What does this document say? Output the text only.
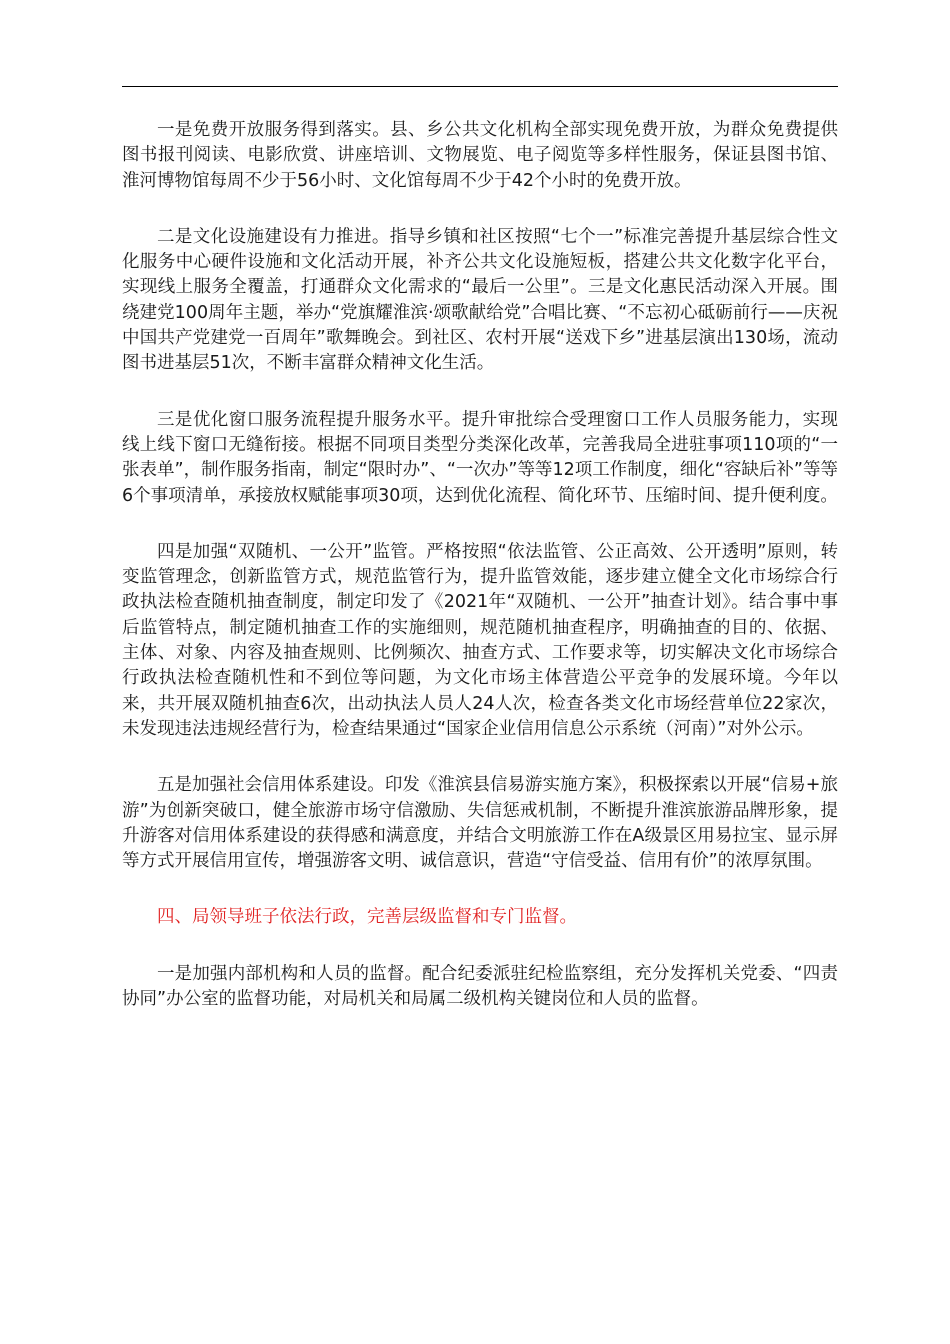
一是免费开放服务得到落实。县、乡公共文化机构全部实现免费开放，为群众免费提供图书报刊阅读、电影欣赏、讲座培训、文物展览、电子阅览等多样性服务，保证县图书馆、淮河博物馆每周不少于56小时、文化馆每周不少于42个小时的免费开放。

二是文化设施建设有力推进。指导乡镇和社区按照“七个一”标准完善提升基层综合性文化服务中心硬件设施和文化活动开展，补齐公共文化设施短板，搭建公共文化数字化平台，实现线上服务全覆盖，打通群众文化需求的“最后一公里”。三是文化惠民活动深入开展。围绕建党100周年主题，举办“党旗耀淮滨·颂歌献给党”合唱比赛、“不忘初心砥砺前行——庆祝中国共产党建党一百周年”歌舞晚会。到社区、农村开展“送戏下乡”进基层演出130场，流动图书进基层51次，不断丰富群众精神文化生活。

三是优化窗口服务流程提升服务水平。提升审批综合受理窗口工作人员服务能力，实现线上线下窗口无缝衔接。根据不同项目类型分类深化改革，完善我局全进驻事项110项的“一张表单”，制作服务指南，制定“限时办”、“一次办”等等12项工作制度，细化“容缺后补”等等6个事项清单，承接放权赋能事项30项，达到优化流程、简化环节、压缩时间、提升便利度。

四是加强“双随机、一公开”监管。严格按照“依法监管、公正高效、公开透明”原则，转变监管理念，创新监管方式，规范监管行为，提升监管效能，逐步建立健全文化市场综合行政执法检查随机抽查制度，制定印发了《2021年“双随机、一公开”抽查计划》。结合事中事后监管特点，制定随机抽查工作的实施细则，规范随机抽查程序，明确抽查的目的、依据、主体、对象、内容及抽查规则、比例频次、抽查方式、工作要求等，切实解决文化市场综合行政执法检查随机性和不到位等问题，为文化市场主体营造公平竞争的发展环境。今年以来，共开展双随机抽查6次，出动执法人员人24人次，检查各类文化市场经营单位22家次，未发现违法违规经营行为，检查结果通过“国家企业信用信息公示系统（河南）”对外公示。

五是加强社会信用体系建设。印发《淮滨县信易游实施方案》，积极探索以开展“信易+旅游”为创新突破口，健全旅游市场守信激励、失信惩戒机制，不断提升淮滨旅游品牌形象，提升游客对信用体系建设的获得感和满意度，并结合文明旅游工作在A级景区用易拉宝、显示屏等方式开展信用宣传，增强游客文明、诚信意识，营造“守信受益、信用有价”的浓厚氛围。

四、局领导班子依法行政，完善层级监督和专门监督。

一是加强内部机构和人员的监督。配合纪委派驻纪检监察组，充分发挥机关党委、“四责协同”办公室的监督功能，对局机关和局属二级机构关键岗位和人员的监督。
